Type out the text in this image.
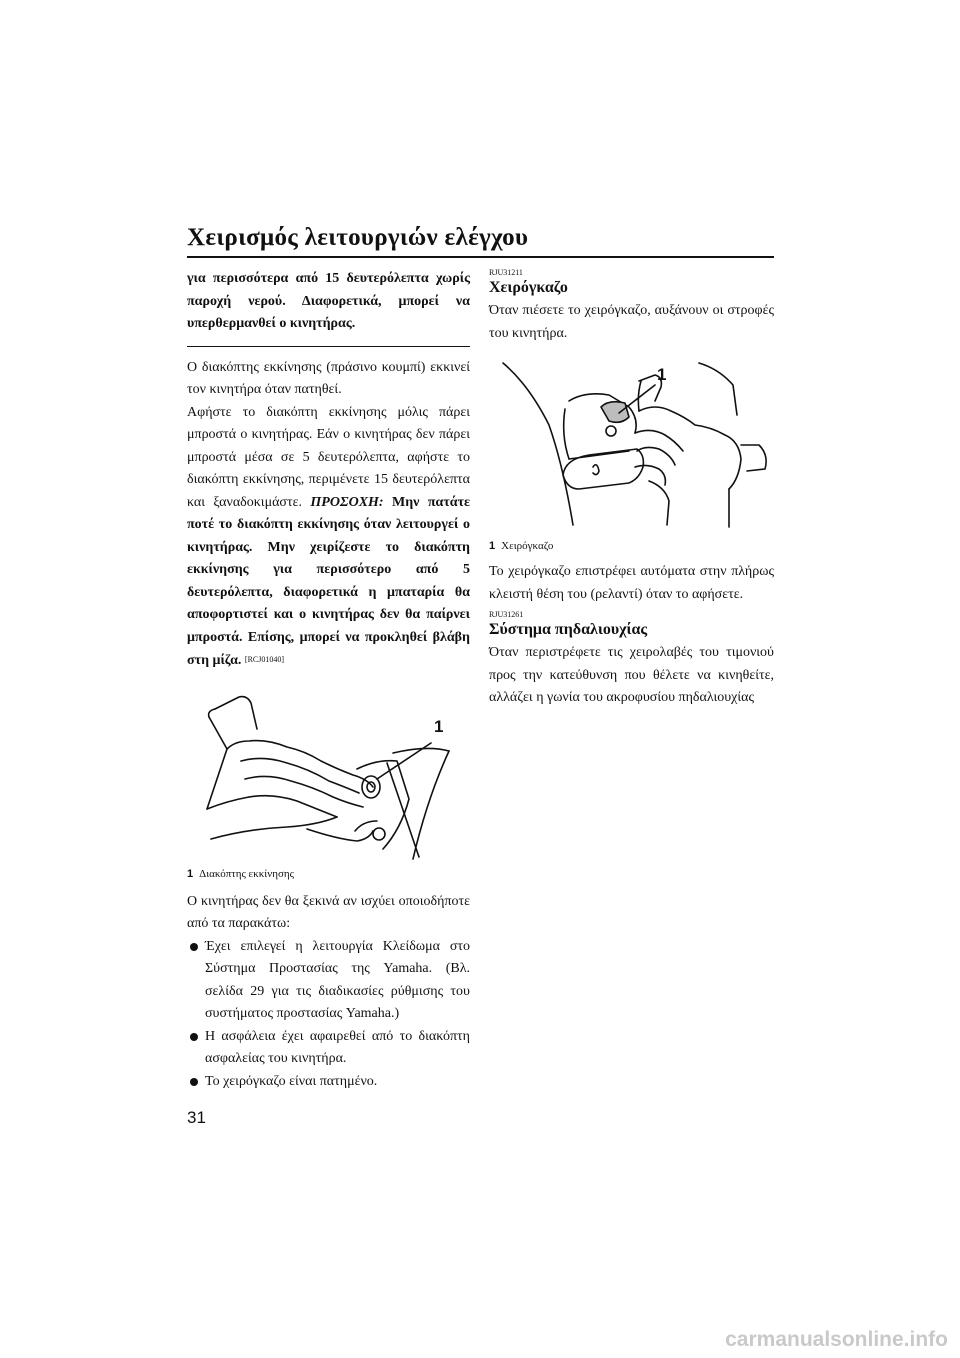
Χειρισμός λειτουργιών ελέγχου

για περισσότερα από 15 δευτερόλεπτα χωρίς παροχή νερού. Διαφορετικά, μπορεί να υπερθερμανθεί ο κινητήρας.

Ο διακόπτης εκκίνησης (πράσινο κουμπί) εκκινεί τον κινητήρα όταν πατηθεί.

Αφήστε το διακόπτη εκκίνησης μόλις πάρει μπροστά ο κινητήρας. Εάν ο κινητήρας δεν πάρει μπροστά μέσα σε 5 δευτερόλεπτα, αφήστε το διακόπτη εκκίνησης, περιμένετε 15 δευτερόλεπτα και ξαναδοκιμάστε. ΠΡΟΣΟΧΗ: Μην πατάτε ποτέ το διακόπτη εκκίνησης όταν λειτουργεί ο κινητήρας. Μην χειρίζεστε το διακόπτη εκκίνησης για περισσότερο από 5 δευτερόλεπτα, διαφορετικά η μπαταρία θα αποφορτιστεί και ο κινητήρας δεν θα παίρνει μπροστά. Επίσης, μπορεί να προκληθεί βλάβη στη μίζα. [RCJ01040]

1
1 Διακόπτης εκκίνησης

Ο κινητήρας δεν θα ξεκινά αν ισχύει οποιοδήποτε από τα παρακάτω:

Έχει επιλεγεί η λειτουργία Κλείδωμα στο Σύστημα Προστασίας της Yamaha. (Βλ. σελίδα 29 για τις διαδικασίες ρύθμισης του συστήματος προστασίας Yamaha.)
Η ασφάλεια έχει αφαιρεθεί από το διακόπτη ασφαλείας του κινητήρα.
Το χειρόγκαζο είναι πατημένο.

RJU31211

Χειρόγκαζο

Όταν πιέσετε το χειρόγκαζο, αυξάνουν οι στροφές του κινητήρα.

1
1 Χειρόγκαζο

Το χειρόγκαζο επιστρέφει αυτόματα στην πλήρως κλειστή θέση του (ρελαντί) όταν το αφήσετε.

RJU31261

Σύστημα πηδαλιουχίας

Όταν περιστρέφετε τις χειρολαβές του τιμονιού προς την κατεύθυνση που θέλετε να κινηθείτε, αλλάζει η γωνία του ακροφυσίου πηδαλιουχίας

31
carmanualsonline.info
